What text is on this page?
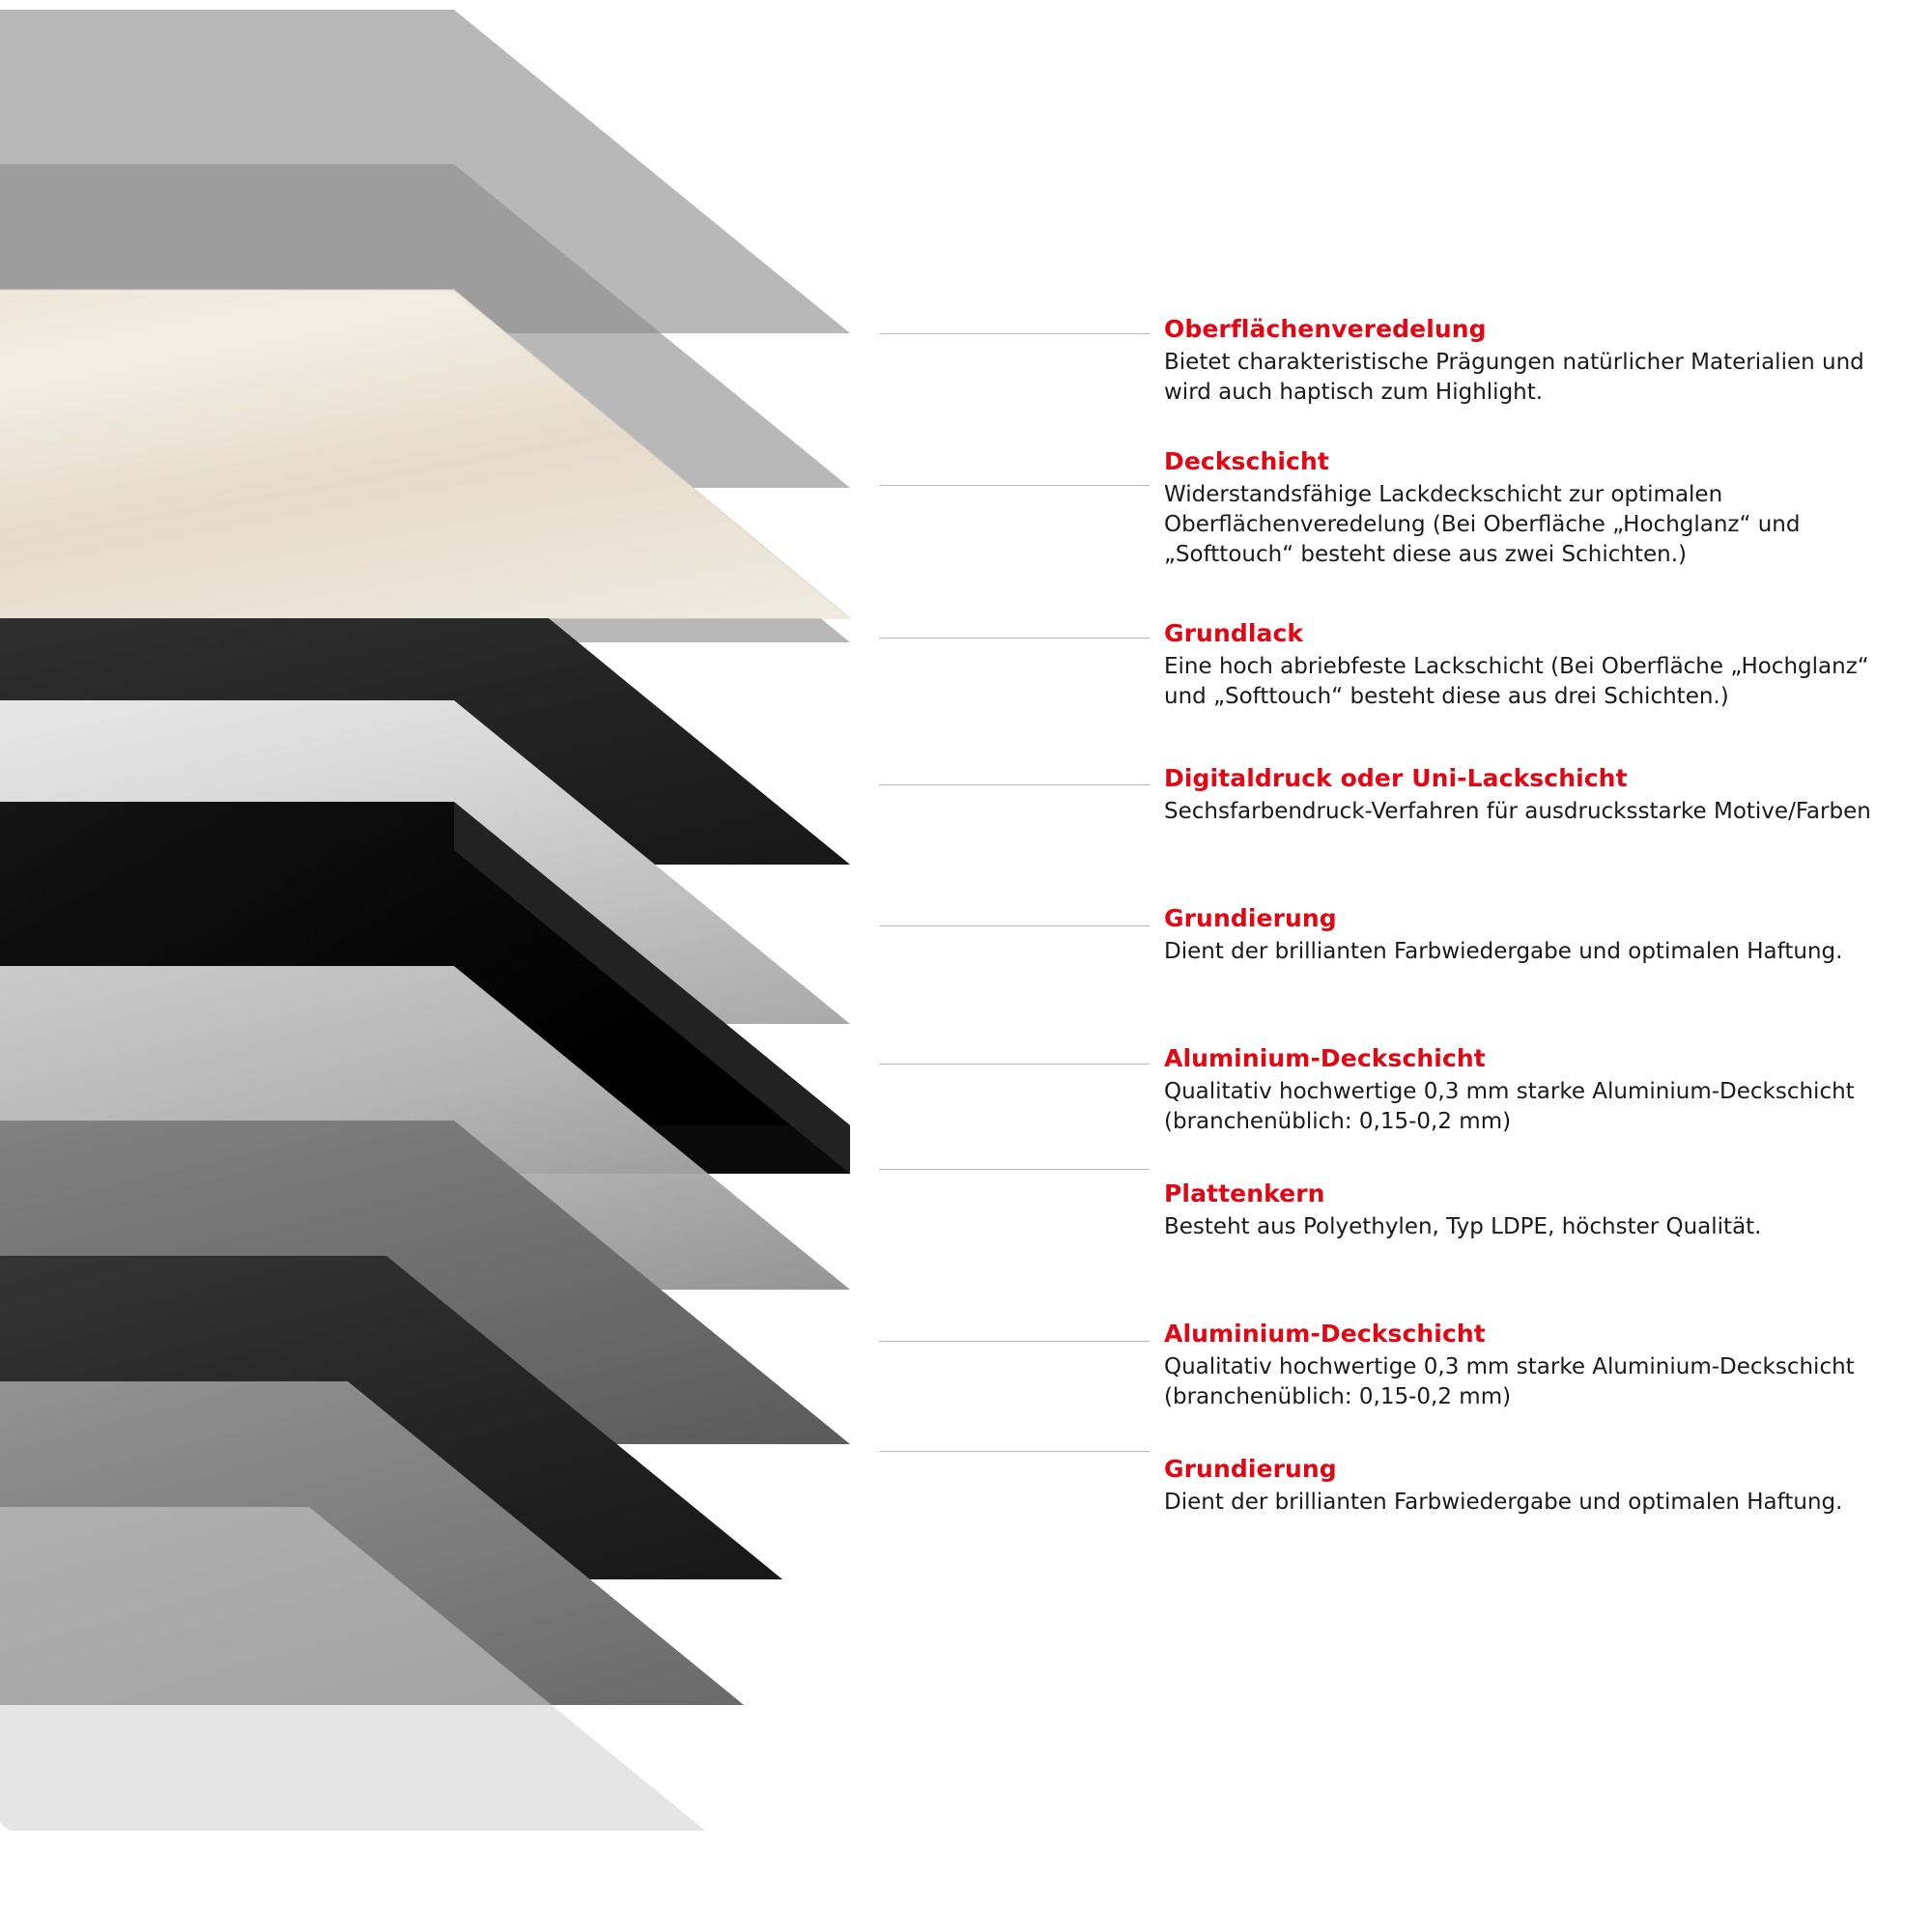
Oberflächenveredelung

Bietet charakteristische Prägungen natürlicher Materialien und wird auch haptisch zum Highlight.

Deckschicht

Widerstandsfähige Lackdeckschicht zur optimalen Oberflächenveredelung (Bei Oberfläche „Hochglanz“ und „Softtouch“ besteht diese aus zwei Schichten.)

Grundlack

Eine hoch abriebfeste Lackschicht (Bei Oberfläche „Hochglanz“ und „Softtouch“ besteht diese aus drei Schichten.)

Digitaldruck oder Uni-Lackschicht

Sechsfarbendruck-Verfahren für ausdrucksstarke Motive/Farben

Grundierung

Dient der brillianten Farbwiedergabe und optimalen Haftung.

Aluminium-Deckschicht

Qualitativ hochwertige 0,3 mm starke Aluminium-Deckschicht (branchenüblich: 0,15-0,2 mm)

Plattenkern

Besteht aus Polyethylen, Typ LDPE, höchster Qualität.

Aluminium-Deckschicht

Qualitativ hochwertige 0,3 mm starke Aluminium-Deckschicht (branchenüblich: 0,15-0,2 mm)

Grundierung

Dient der brillianten Farbwiedergabe und optimalen Haftung.
